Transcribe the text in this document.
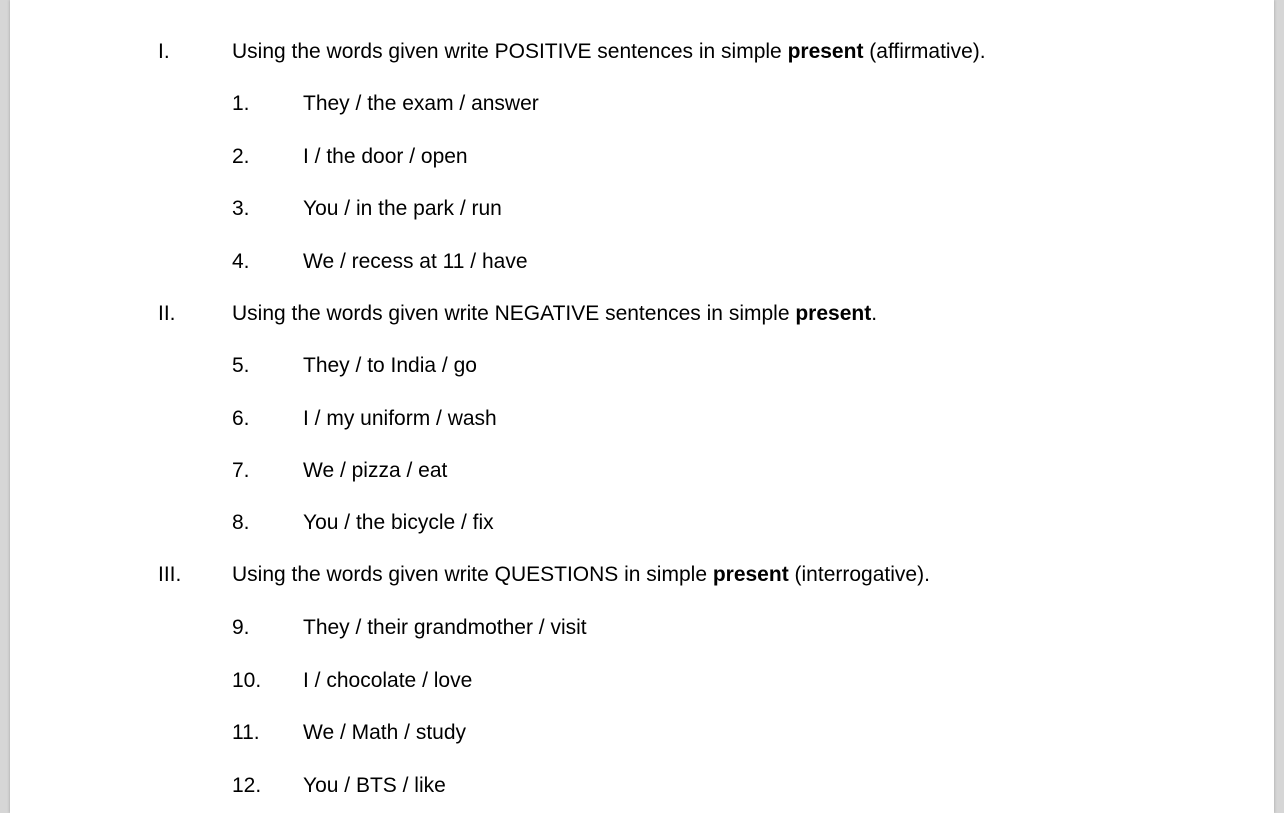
I.	Using the words given write POSITIVE sentences in simple present (affirmative).
1.	They / the exam / answer
2.	I / the door / open
3.	You / in the park / run
4.	We / recess at 11 / have
II.	Using the words given write NEGATIVE sentences in simple present.
5.	They / to India / go
6.	I / my uniform / wash
7.	We / pizza / eat
8.	You / the bicycle / fix
III. Using the words given write QUESTIONS in simple present (interrogative).
9.	They / their grandmother / visit
10. I / chocolate / love
11. We / Math / study
12. You / BTS / like
